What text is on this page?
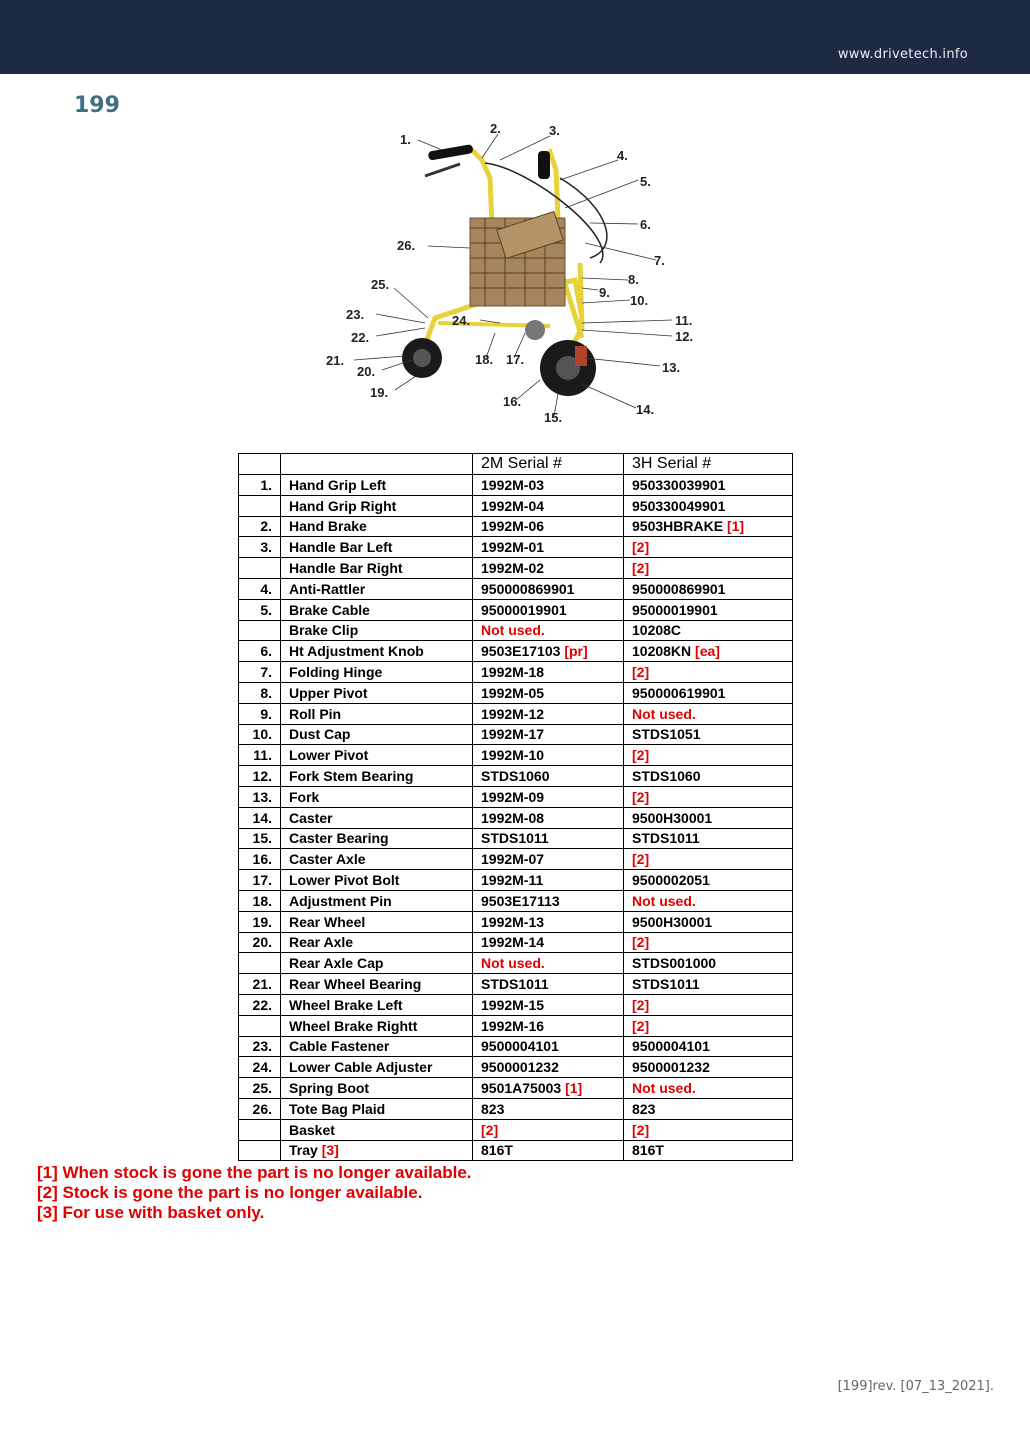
www.drivetech.info
199
1.
2.	3.
4.
5.
6.
7.
8.
9.
10.
11.
12.
13.
14.
15.
16.
17.
18.
19.
20.
21.
22.
23.	24.
25.
26.
		2M Serial #	3H Serial #
1.	Hand Grip Left	1992M-03	950330039901
	Hand Grip Right	1992M-04	950330049901
2.	Hand Brake	1992M-06	9503HBRAKE [1]
3.	Handle Bar Left	1992M-01	[2]
	Handle Bar Right	1992M-02	[2]
4.	Anti-Rattler	950000869901	950000869901
5.	Brake Cable	95000019901	95000019901
	Brake Clip	Not used.	10208C
6.	Ht Adjustment Knob	9503E17103 [pr]	10208KN [ea]
7.	Folding Hinge	1992M-18	[2]
8.	Upper Pivot	1992M-05	950000619901
9.	Roll Pin	1992M-12	Not used.
10.	Dust Cap	1992M-17	STDS1051
11.	Lower Pivot	1992M-10	[2]
12.	Fork Stem Bearing	STDS1060	STDS1060
13.	Fork	1992M-09	[2]
14.	Caster	1992M-08	9500H30001
15.	Caster Bearing	STDS1011	STDS1011
16.	Caster Axle	1992M-07	[2]
17.	Lower Pivot Bolt	1992M-11	9500002051
18.	Adjustment Pin	9503E17113	Not used.
19.	Rear Wheel	1992M-13	9500H30001
20.	Rear Axle	1992M-14	[2]
	Rear Axle Cap	Not used.	STDS001000
21.	Rear Wheel Bearing	STDS1011	STDS1011
22.	Wheel Brake Left	1992M-15	[2]
	Wheel Brake Rightt	1992M-16	[2]
23.	Cable Fastener	9500004101	9500004101
24.	Lower Cable Adjuster	9500001232	9500001232
25.	Spring Boot	9501A75003 [1]	Not used.
26.	Tote Bag Plaid	823	823
	Basket	[2]	[2]
	Tray [3]	816T	816T
[1] When stock is gone the part is no longer available.
[2] Stock is gone the part is no longer available.
[3] For use with basket only.
[199]rev. [07_13_2021].
